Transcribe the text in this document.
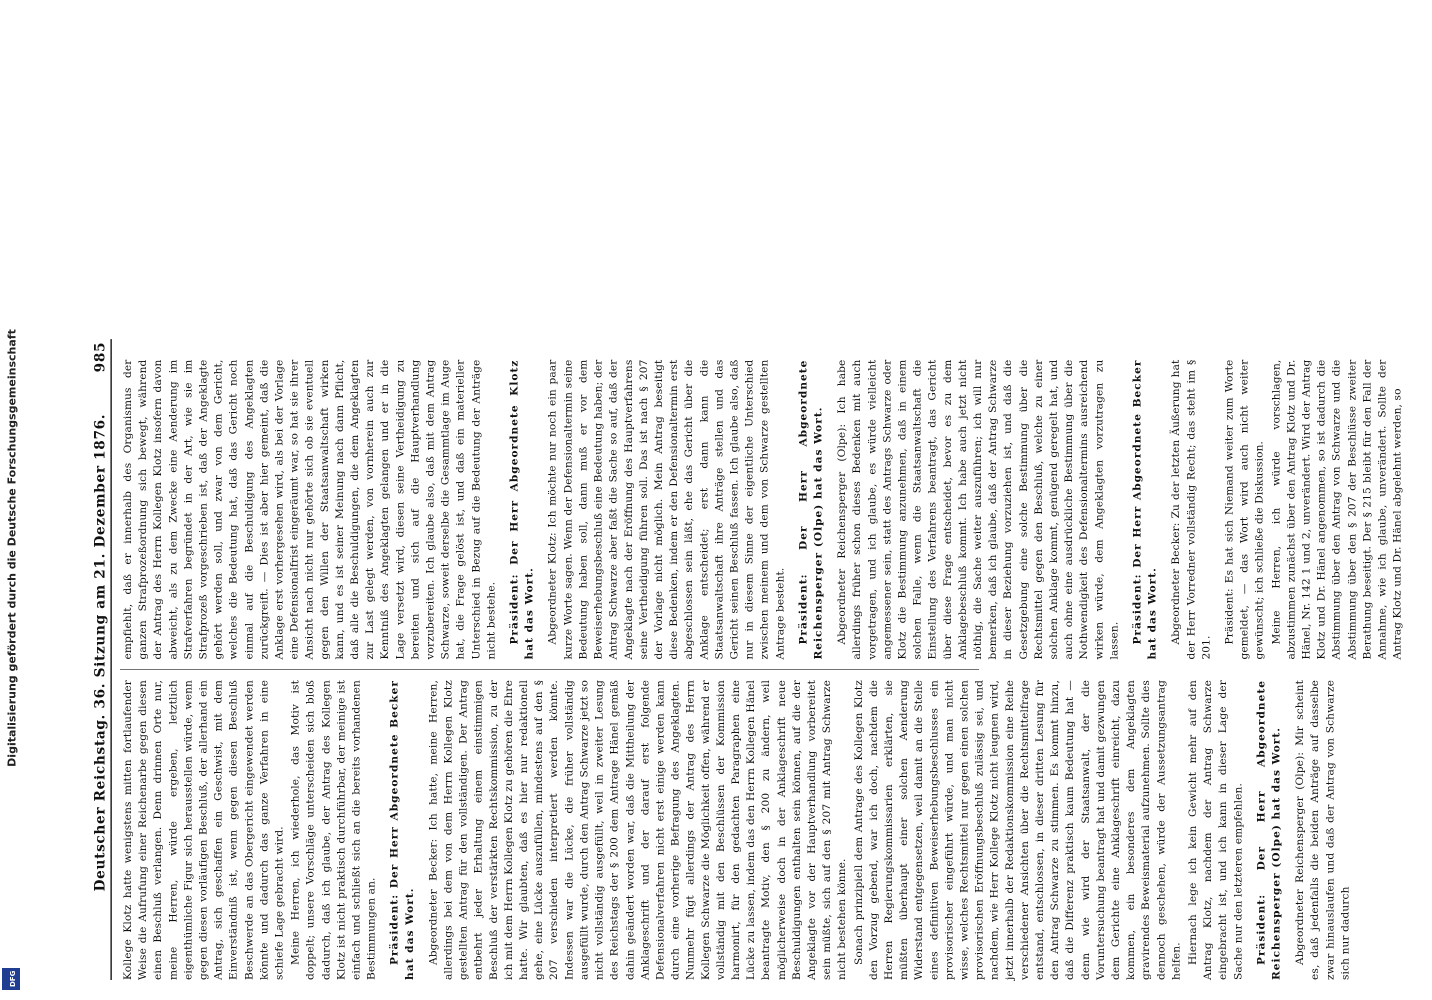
Digitalisierung gefördert durch die Deutsche Forschungsgemeinschaft
DFG
Deutscher Reichstag. 36. Sitzung am 21. Dezember 1876.
985

Kollege Klotz hatte wenigstens mitten fortlaufender Weise die Aufrufung einer Reichenarbe gegen diesen einen Beschluß verlangen. Denn drinnen Orte nur, meine Herren, würde ergeben, letztlich eigenthümliche Figur sich herausstellen würde, wenn gegen diesen vorläufigen Beschluß, der allerhand ein Antrag, sich geschaffen ein Geschwist, mit dem Einverständniß ist, wenn gegen diesen Beschluß Beschwerde an das Obergericht eingewendet werden könnte und dadurch das ganze Verfahren in eine schiefe Lage gebracht wird. Meine Herren, ich wiederhole, das Motiv ist doppelt; unsere Vorschläge unterscheiden sich bloß dadurch, daß ich glaube, der Antrag des Kollegen Klotz ist nicht praktisch durchführbar, der meinige ist einfach und schließt sich an die bereits vorhandenen Bestimmungen an. Präsident: Der Herr Abgeordnete Becker hat das Wort. Abgeordneter Becker: Ich hatte, meine Herren, allerdings bei dem von dem Herrn Kollegen Klotz gestellten Antrag für den vollständigen. Der Antrag entbehrt jeder Erhaltung einem einstimmigen Beschluß der verstärkten Rechtskommission, zu der ich mit dem Herrn Kollegen Klotz zu gehören die Ehre hatte. Wir glaubten, daß es hier nur redaktionell gehe, eine Lücke auszufüllen, mindestens auf den § 207 verschieden interpretiert werden könnte. Indessen war die Lücke, die früher vollständig ausgefüllt wurde, durch den Antrag Schwarze jetzt so nicht vollständig ausgefüllt, weil in zweiter Lesung des Reichstags der § 200 dem Antrage Hänel gemäß dahin geändert worden war, daß die Mittheilung der Anklageschrift und der darauf erst folgende Defensionalverfahren nicht erst einige werden kann durch eine vorherige Befragung des Angeklagten. Nunmehr fügt allerdings der Antrag des Herrn Kollegen Schwarze die Möglichkeit offen, während er vollständig mit den Beschlüssen der Kommission harmonirt, für den gedachten Paragraphen eine Lücke zu lassen, indem das den Herrn Kollegen Hänel beantragte Motiv, den § 200 zu ändern, weil möglicherweise doch in der Anklageschrift neue Beschuldigungen enthalten sein können, auf die der Angeklagte vor der Hauptverhandlung vorbereitet sein müßte, sich auf den § 207 mit Antrag Schwarze nicht bestehen könne. Sonach prinzipiell dem Antrage des Kollegen Klotz den Vorzug gebend, war ich doch, nachdem die Herren Regierungskommissarien erklärten, sie müßten überhaupt einer solchen Aenderung Widerstand entgegensetzen, weil damit an die Stelle eines definitiven Beweiserhebungsbeschlusses ein provisorischer eingeführt würde, und man nicht wisse, welches Rechtsmittel nur gegen einen solchen provisorischen Eröffnungsbeschluß zulässig sei, und nachdem, wie Herr Kollege Klotz nicht leugnen wird, jetzt innerhalb der Redaktionskommission eine Reihe verschiedener Ansichten über die Rechtsmittelfrage entstand, entschlossen, in dieser dritten Lesung für den Antrag Schwarze zu stimmen. Es kommt hinzu, daß die Differenz praktisch kaum Bedeutung hat — denn wie wird der Staatsanwalt, der die Voruntersuchung beantragt hat und damit gezwungen dem Gerichte eine Anklageschrift einreicht, dazu kommen, ein besonderes dem Angeklagten gravirendes Beweismaterial aufzunehmen. Sollte dies dennoch geschehen, würde der Aussetzungsantrag helfen. Hiernach lege ich kein Gewicht mehr auf den Antrag Klotz, nachdem der Antrag Schwarze eingebracht ist, und ich kann in dieser Lage der Sache nur den letzteren empfehlen. Präsident: Der Herr Abgeordnete Reichensperger (Olpe) hat das Wort. Abgeordneter Reichensperger (Olpe): Mir scheint es, daß jedenfalls die beiden Anträge auf dasselbe zwar hinauslaufen und daß der Antrag von Schwarze sich nur dadurch

empfiehlt, daß er innerhalb des Organismus der ganzen Strafprozeßordnung sich bewegt, während der Antrag des Herrn Kollegen Klotz insofern davon abweicht, als zu dem Zwecke eine Aenderung im Strafverfahren begründet in der Art, wie sie im Strafprozeß vorgeschrieben ist, daß der Angeklagte gehört werden soll, und zwar von dem Gericht, welches die Bedeutung hat, daß das Gericht noch einmal auf die Beschuldigung des Angeklagten zurückgreift. — Dies ist aber hier gemeint, daß die Anklage erst vorhergesehen wird, als bei der Vorlage eine Defensionalfrist eingeräumt war, so hat sie ihrer Ansicht nach nicht nur gehörte sich ob sie eventuell gegen den Willen der Staatsanwaltschaft wirken kann, und es ist seiner Meinung nach dann Pflicht, daß alle die Beschuldigungen, die dem Angeklagten zur Last gelegt werden, von vornherein auch zur Kenntniß des Angeklagten gelangen und er in die Lage versetzt wird, diesen seine Vertheidigung zu bereiten und sich auf die Hauptverhandlung vorzubereiten. Ich glaube also, daß mit dem Antrag Schwarze, soweit derselbe die Gesammtlage im Auge hat, die Frage gelöst ist, und daß ein materieller Unterschied in Bezug auf die Bedeutung der Anträge nicht bestehe. Präsident: Der Herr Abgeordnete Klotz hat das Wort. Abgeordneter Klotz: Ich möchte nur noch ein paar kurze Worte sagen. Wenn der Defensionaltermin seine Bedeutung haben soll, dann muß er vor dem Beweiserhebungsbeschluß eine Bedeutung haben; der Antrag Schwarze aber faßt die Sache so auf, daß der Angeklagte nach der Eröffnung des Hauptverfahrens seine Vertheidigung führen soll. Das ist nach § 207 der Vorlage nicht möglich. Mein Antrag beseitigt diese Bedenken, indem er den Defensionaltermin erst abgeschlossen sein läßt, ehe das Gericht über die Anklage entscheidet; erst dann kann die Staatsanwaltschaft ihre Anträge stellen und das Gericht seinen Beschluß fassen. Ich glaube also, daß nur in diesem Sinne der eigentliche Unterschied zwischen meinem und dem von Schwarze gestellten Antrage besteht. Präsident: Der Herr Abgeordnete Reichensperger (Olpe) hat das Wort. Abgeordneter Reichensperger (Olpe): Ich habe allerdings früher schon dieses Bedenken mit auch vorgetragen, und ich glaube, es würde vielleicht angemessener sein, statt des Antrags Schwarze oder Klotz die Bestimmung anzunehmen, daß in einem solchen Falle, wenn die Staatsanwaltschaft die Einstellung des Verfahrens beantragt, das Gericht über diese Frage entscheidet, bevor es zu dem Anklagebeschluß kommt. Ich habe auch jetzt nicht nöthig, die Sache weiter auszuführen; ich will nur bemerken, daß ich glaube, daß der Antrag Schwarze in dieser Beziehung vorzuziehen ist, und daß die Gesetzgebung eine solche Bestimmung über die Rechtsmittel gegen den Beschluß, welche zu einer solchen Anklage kommt, genügend geregelt hat, und auch ohne eine ausdrückliche Bestimmung über die Nothwendigkeit des Defensionaltermins ausreichend wirken würde, dem Angeklagten vorzutragen zu lassen. Präsident: Der Herr Abgeordnete Becker hat das Wort. Abgeordneter Becker: Zu der letzten Äußerung hat der Herr Vorredner vollständig Recht; das steht im § 201.

Präsident: Es hat sich Niemand weiter zum Worte gemeldet, — das Wort wird auch nicht weiter gewünscht; ich schließe die Diskussion. Meine Herren, ich würde vorschlagen, abzustimmen zunächst über den Antrag Klotz und Dr. Hänel, Nr. 142 1 und 2, unverändert. Wird der Antrag Klotz und Dr. Hänel angenommen, so ist dadurch die Abstimmung über den Antrag von Schwarze und die Abstimmung über den § 207 der Beschlüsse zweiter Berathung beseitigt. Der § 215 bleibt für den Fall der Annahme, wie ich glaube, unverändert. Sollte der Antrag Klotz und Dr. Hänel abgelehnt werden, so
